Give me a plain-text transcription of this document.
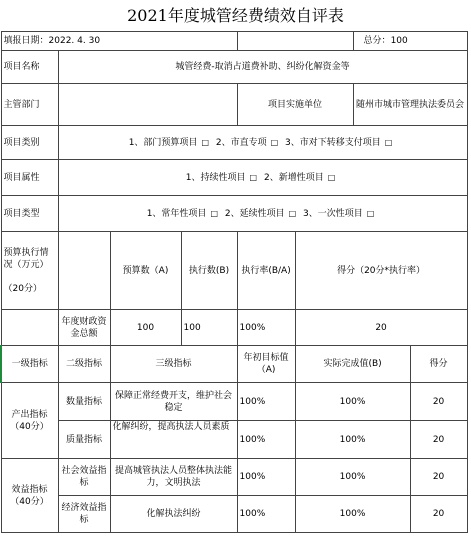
2021年度城管经费绩效自评表
填报日期：2022. 4. 30						总分：100	
项目名称	城管经费-取消占道费补助、纠纷化解资金等						
主管部门				项目实施单位		随州市城市管理执法委员会	
项目类别	1、部门预算项目 □ 2、市直专项 □ 3、市对下转移支付项目 □						
项目属性	1、持续性项目 □ 2、新增性项目 □						
项目类型	1、常年性项目 □ 2、延续性项目 □ 3、一次性项目 □						

预算执行情况（万元）
（20分）		预算数（A)	执行数(B)	执行率(B/A)	得分（20分*执行率）		
	年度财政资金总额	100	100	100%	20		
一级指标	二级指标	三级指标		年初目标值（A)	实际完成值(B)		得分
产出指标（40分）	数量指标	保障正常经费开支，维护社会稳定		100%	100%		20
	质量指标	化解纠纷，提高执法人员素质		100%	100%		20
效益指标（40分）	社会效益指标	提高城管执法人员整体执法能力，文明执法		100%	100%		20
	经济效益指标	化解执法纠纷		100%	100%		20
